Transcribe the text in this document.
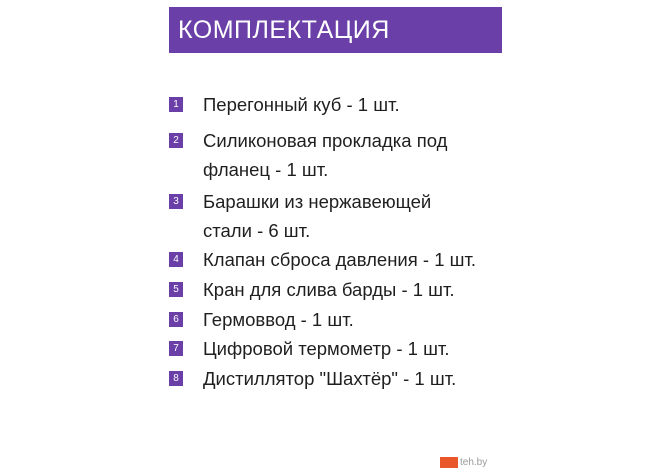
КОМПЛЕКТАЦИЯ
1 Перегонный куб - 1 шт.
2 Силиконовая прокладка под
фланец - 1 шт.
3 Барашки из нержавеющей
стали - 6 шт.
4 Клапан сброса давления - 1 шт.
5 Кран для слива барды - 1 шт.
6 Гермоввод - 1 шт.
7 Цифровой термометр - 1 шт.
8 Дистиллятор "Шахтёр" - 1 шт.
teh.by
